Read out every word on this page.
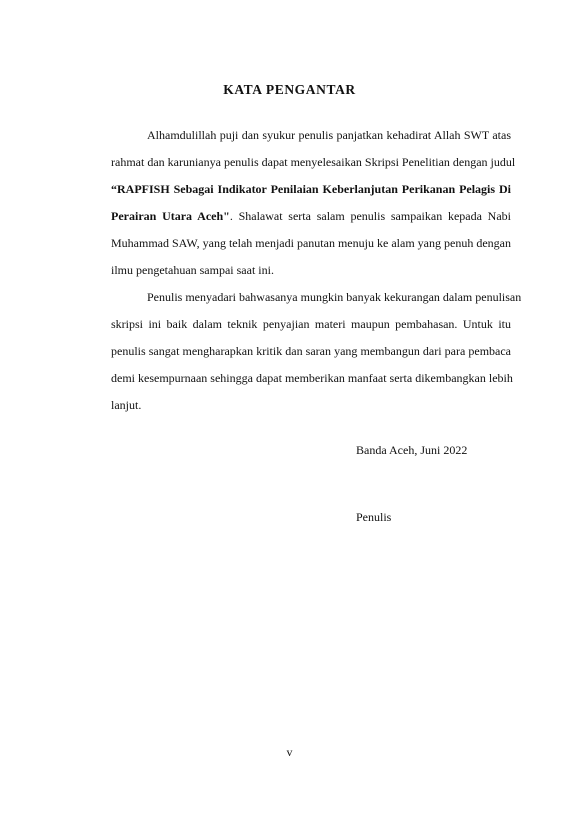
KATA PENGANTAR
Alhamdulillah puji dan syukur penulis panjatkan kehadirat Allah SWT atas
rahmat dan karunianya penulis dapat menyelesaikan Skripsi Penelitian dengan judul
“RAPFISH Sebagai Indikator Penilaian Keberlanjutan Perikanan Pelagis Di
Perairan Utara Aceh". Shalawat serta salam penulis sampaikan kepada Nabi
Muhammad SAW, yang telah menjadi panutan menuju ke alam yang penuh dengan
ilmu pengetahuan sampai saat ini.
Penulis menyadari bahwasanya mungkin banyak kekurangan dalam penulisan
skripsi ini baik dalam teknik penyajian materi maupun pembahasan. Untuk itu
penulis sangat mengharapkan kritik dan saran yang membangun dari para pembaca
demi kesempurnaan sehingga dapat memberikan manfaat serta dikembangkan lebih
lanjut.
Banda Aceh, Juni 2022
Penulis
v
